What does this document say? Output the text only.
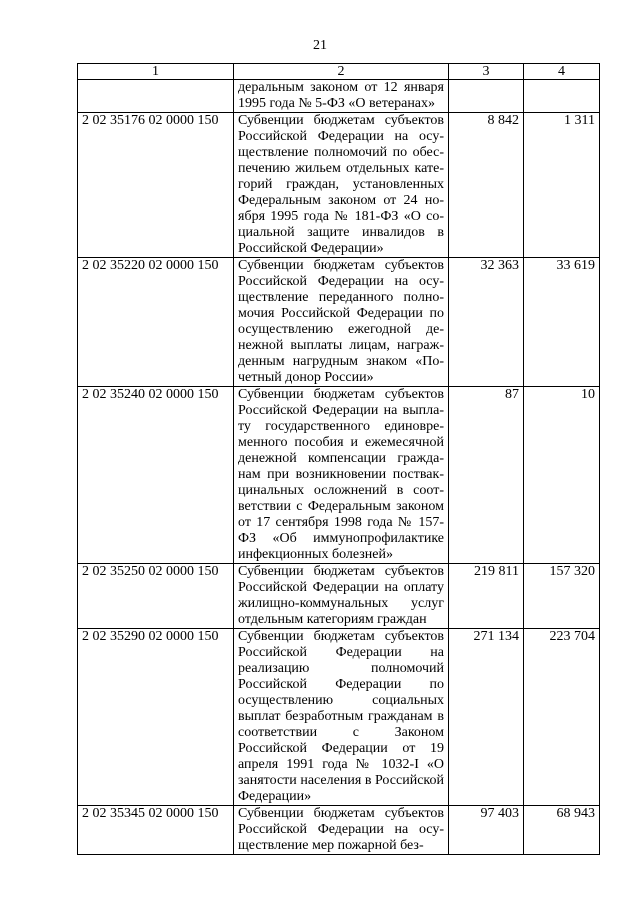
21
1	2	3	4
	деральным законом от 12 января 1995 года № 5-ФЗ «О ветеранах»		
2 02 35176 02 0000 150	Субвенции бюджетам субъектов Российской Федерации на осуществление полномочий по обеспечению жильем отдельных категорий граждан, установленных Федеральным законом от 24 ноября 1995 года № 181-ФЗ «О социальной защите инвалидов в Российской Федерации»	8 842	1 311
2 02 35220 02 0000 150	Субвенции бюджетам субъектов Российской Федерации на осуществление переданного полномочия Российской Федерации по осуществлению ежегодной денежной выплаты лицам, награжденным нагрудным знаком «Почетный донор России»	32 363	33 619
2 02 35240 02 0000 150	Субвенции бюджетам субъектов Российской Федерации на выплату государственного единовременного пособия и ежемесячной денежной компенсации гражданам при возникновении поствакцинальных осложнений в соответствии с Федеральным законом от 17 сентября 1998 года № 157-ФЗ «Об иммунопрофилактике инфекционных болезней»	87	10
2 02 35250 02 0000 150	Субвенции бюджетам субъектов Российской Федерации на оплату жилищно-коммунальных услуг отдельным категориям граждан	219 811	157 320
2 02 35290 02 0000 150	Субвенции бюджетам субъектов Российской Федерации на реализацию полномочий Российской Федерации по осуществлению социальных выплат безработным гражданам в соответствии с Законом Российской Федерации от 19 апреля 1991 года № 1032-I «О занятости населения в Российской Федерации»	271 134	223 704
2 02 35345 02 0000 150	Субвенции бюджетам субъектов Российской Федерации на осуществление мер пожарной без-	97 403	68 943
